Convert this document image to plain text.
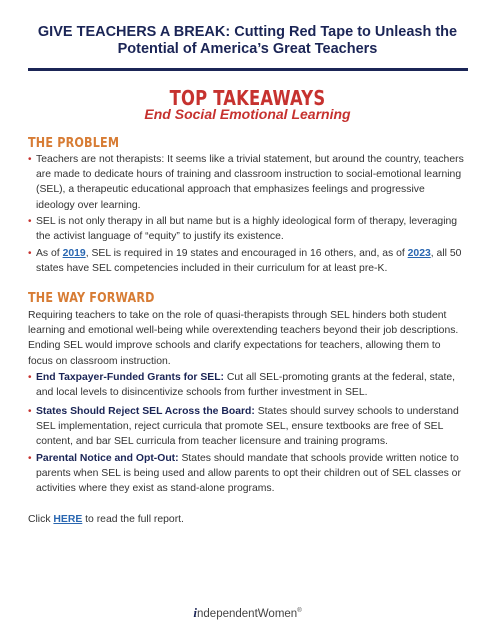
GIVE TEACHERS A BREAK: Cutting Red Tape to Unleash the Potential of America’s Great Teachers
TOP TAKEAWAYS
End Social Emotional Learning
THE PROBLEM
• Teachers are not therapists: It seems like a trivial statement, but around the country, teachers are made to dedicate hours of training and classroom instruction to social-emotional learning (SEL), a therapeutic educational approach that emphasizes feelings and progressive ideology over learning.
• SEL is not only therapy in all but name but is a highly ideological form of therapy, leveraging the activist language of “equity” to justify its existence.
• As of 2019, SEL is required in 19 states and encouraged in 16 others, and, as of 2023, all 50 states have SEL competencies included in their curriculum for at least pre-K.
THE WAY FORWARD
Requiring teachers to take on the role of quasi-therapists through SEL hinders both student learning and emotional well-being while overextending teachers beyond their job descriptions. Ending SEL would improve schools and clarify expectations for teachers, allowing them to focus on classroom instruction.
• End Taxpayer-Funded Grants for SEL: Cut all SEL-promoting grants at the federal, state, and local levels to disincentivize schools from further investment in SEL.
• States Should Reject SEL Across the Board: States should survey schools to understand SEL implementation, reject curricula that promote SEL, ensure textbooks are free of SEL content, and bar SEL curricula from teacher licensure and training programs.
• Parental Notice and Opt-Out: States should mandate that schools provide written notice to parents when SEL is being used and allow parents to opt their children out of SEL classes or activities where they exist as stand-alone programs.
Click HERE to read the full report.
independentWomen®
